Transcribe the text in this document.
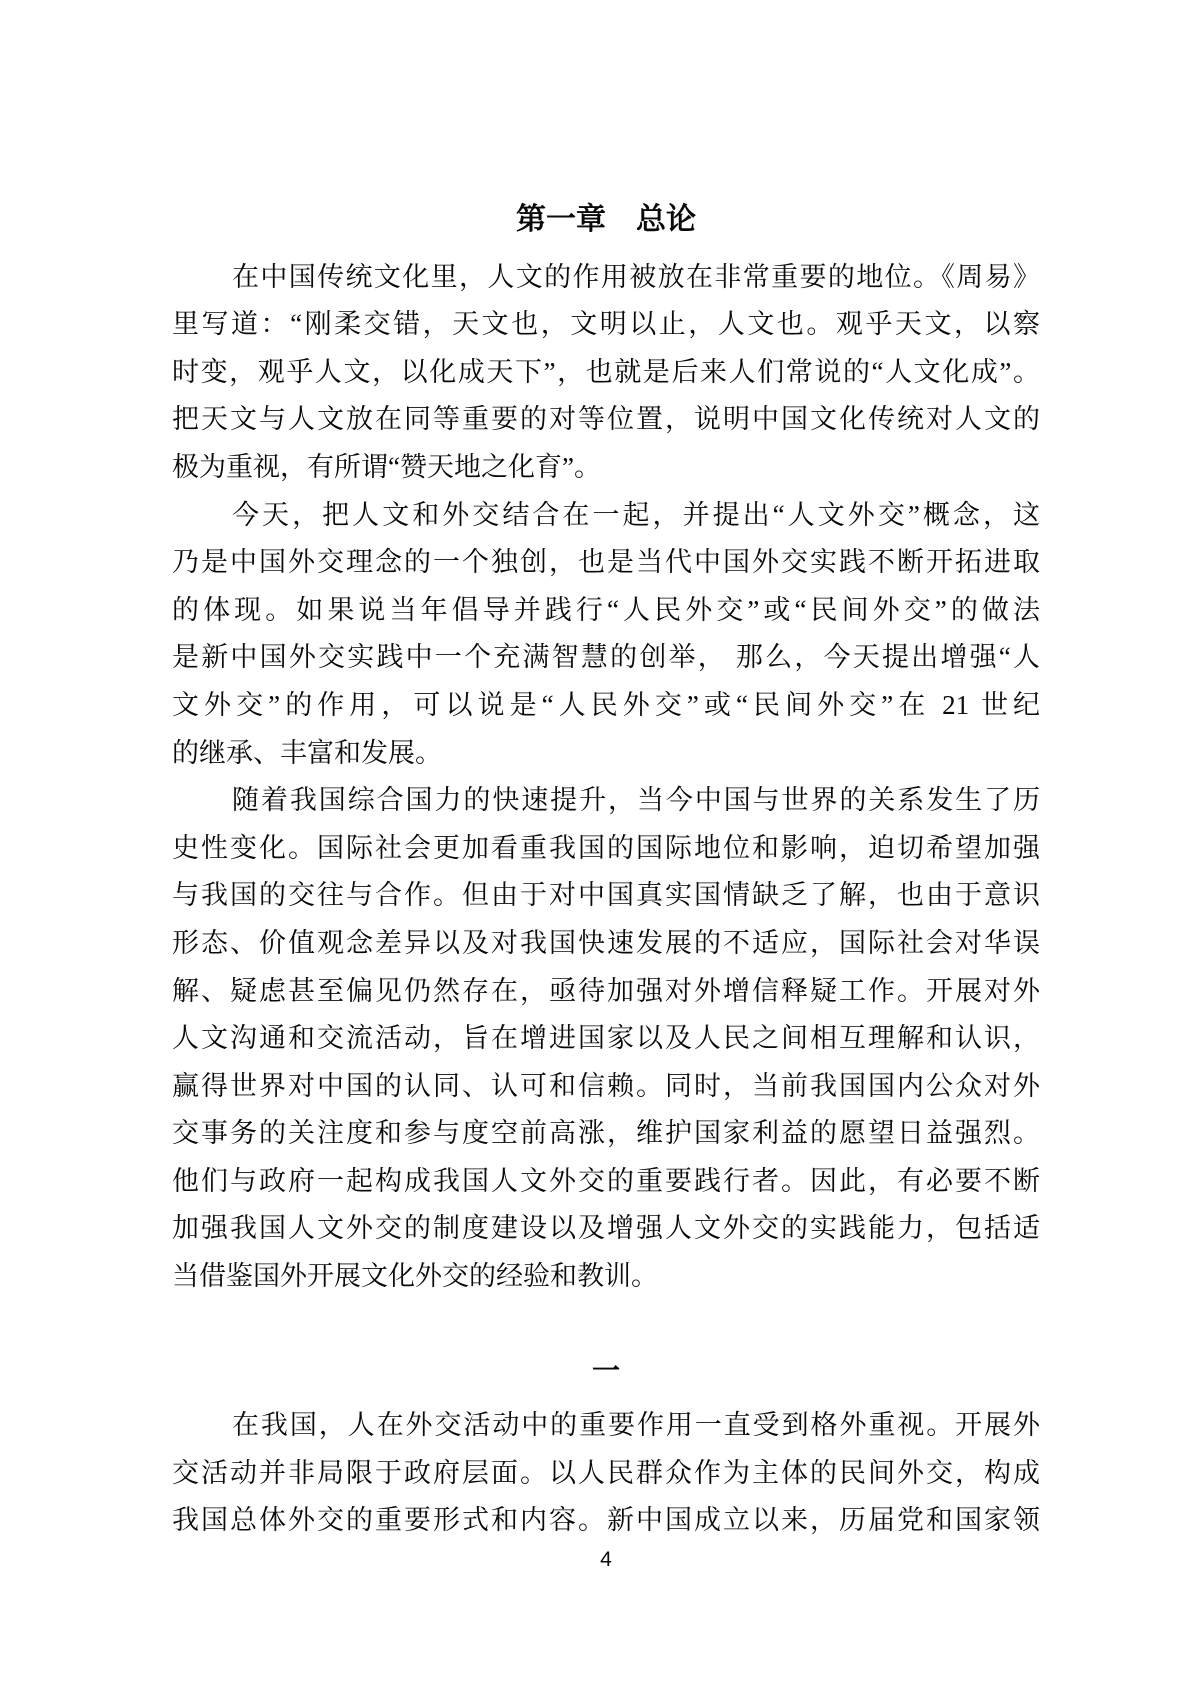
第一章　总论
在中国传统文化里，人文的作用被放在非常重要的地位。《周易》
里写道：“刚柔交错，天文也，文明以止，人文也。观乎天文，以察
时变，观乎人文，以化成天下”，也就是后来人们常说的“人文化成”。
把天文与人文放在同等重要的对等位置，说明中国文化传统对人文的
极为重视，有所谓“赞天地之化育”。
今天，把人文和外交结合在一起，并提出“人文外交”概念，这
乃是中国外交理念的一个独创，也是当代中国外交实践不断开拓进取
的体现。如果说当年倡导并践行“人民外交”或“民间外交”的做法
是新中国外交实践中一个充满智慧的创举， 那么，今天提出增强“人
文外交”的作用，可以说是“人民外交”或“民间外交”在 21 世纪
的继承、丰富和发展。
随着我国综合国力的快速提升，当今中国与世界的关系发生了历
史性变化。国际社会更加看重我国的国际地位和影响，迫切希望加强
与我国的交往与合作。但由于对中国真实国情缺乏了解，也由于意识
形态、价值观念差异以及对我国快速发展的不适应，国际社会对华误
解、疑虑甚至偏见仍然存在，亟待加强对外增信释疑工作。开展对外
人文沟通和交流活动，旨在增进国家以及人民之间相互理解和认识，
赢得世界对中国的认同、认可和信赖。同时，当前我国国内公众对外
交事务的关注度和参与度空前高涨，维护国家利益的愿望日益强烈。
他们与政府一起构成我国人文外交的重要践行者。因此，有必要不断
加强我国人文外交的制度建设以及增强人文外交的实践能力，包括适
当借鉴国外开展文化外交的经验和教训。
一
在我国，人在外交活动中的重要作用一直受到格外重视。开展外
交活动并非局限于政府层面。以人民群众作为主体的民间外交，构成
我国总体外交的重要形式和内容。新中国成立以来，历届党和国家领
4
